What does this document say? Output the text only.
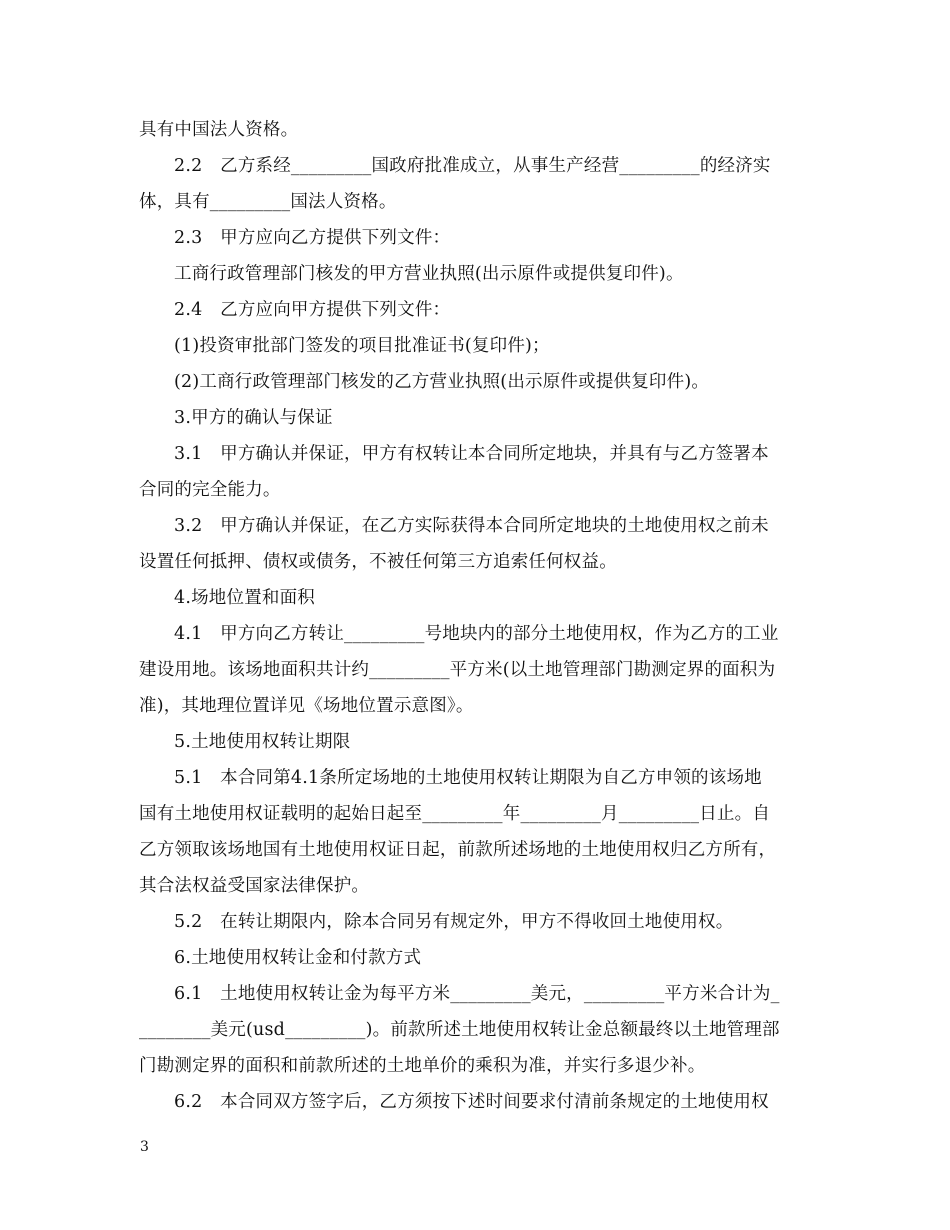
具有中国法人资格。
2.2　乙方系经_________国政府批准成立，从事生产经营_________的经济实
体，具有_________国法人资格。
2.3　甲方应向乙方提供下列文件：
工商行政管理部门核发的甲方营业执照(出示原件或提供复印件)。
2.4　乙方应向甲方提供下列文件：
(1)投资审批部门签发的项目批准证书(复印件)；
(2)工商行政管理部门核发的乙方营业执照(出示原件或提供复印件)。
3.甲方的确认与保证
3.1　甲方确认并保证，甲方有权转让本合同所定地块，并具有与乙方签署本
合同的完全能力。
3.2　甲方确认并保证，在乙方实际获得本合同所定地块的土地使用权之前未
设置任何抵押、债权或债务，不被任何第三方追索任何权益。
4.场地位置和面积
4.1　甲方向乙方转让_________号地块内的部分土地使用权，作为乙方的工业
建设用地。该场地面积共计约_________平方米(以土地管理部门勘测定界的面积为
准)，其地理位置详见《场地位置示意图》。
5.土地使用权转让期限
5.1　本合同第4.1条所定场地的土地使用权转让期限为自乙方申领的该场地
国有土地使用权证载明的起始日起至_________年_________月_________日止。自
乙方领取该场地国有土地使用权证日起，前款所述场地的土地使用权归乙方所有，
其合法权益受国家法律保护。
5.2　在转让期限内，除本合同另有规定外，甲方不得收回土地使用权。
6.土地使用权转让金和付款方式
6.1　土地使用权转让金为每平方米_________美元，_________平方米合计为_
________美元(usd_________)。前款所述土地使用权转让金总额最终以土地管理部
门勘测定界的面积和前款所述的土地单价的乘积为准，并实行多退少补。
6.2　本合同双方签字后，乙方须按下述时间要求付清前条规定的土地使用权
3
